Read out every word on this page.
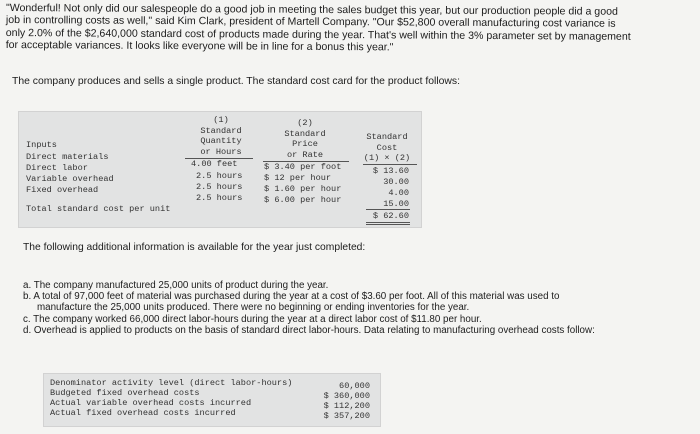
"Wonderful! Not only did our salespeople do a good job in meeting the sales budget this year, but our production people did a good
job in controlling costs as well," said Kim Clark, president of Martell Company. "Our $52,800 overall manufacturing cost variance is
only 2.0% of the $2,640,000 standard cost of products made during the year. That's well within the 3% parameter set by management
for acceptable variances. It looks like everyone will be in line for a bonus this year."
The company produces and sells a single product. The standard cost card for the product follows:
(1)
Standard
Quantity
or Hours
(2)
Standard
Price
or Rate
Standard
Cost
(1) × (2)
Inputs
Direct materials
Direct labor
Variable overhead
Fixed overhead
4.00 feet
2.5 hours
2.5 hours
2.5 hours
$ 3.40 per foot
$ 12 per hour
$ 1.60 per hour
$ 6.00 per hour
$ 13.60
30.00
4.00
15.00
Total standard cost per unit
$ 62.60
The following additional information is available for the year just completed:
a. The company manufactured 25,000 units of product during the year.
b. A total of 97,000 feet of material was purchased during the year at a cost of $3.60 per foot. All of this material was used to
manufacture the 25,000 units produced. There were no beginning or ending inventories for the year.
c. The company worked 66,000 direct labor-hours during the year at a direct labor cost of $11.80 per hour.
d. Overhead is applied to products on the basis of standard direct labor-hours. Data relating to manufacturing overhead costs follow:
Denominator activity level (direct labor-hours)
Budgeted fixed overhead costs
Actual variable overhead costs incurred
Actual fixed overhead costs incurred
60,000
$ 360,000
$ 112,200
$ 357,200
